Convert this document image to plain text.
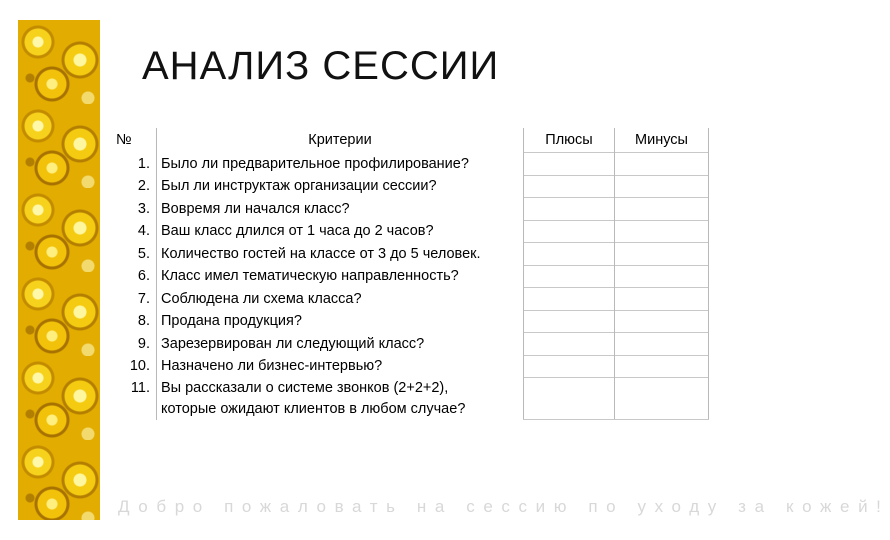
АНАЛИЗ СЕССИИ
№	Критерии	Плюсы	Минусы
1.	Было ли предварительное профилирование?		
2.	Был ли инструктаж организации сессии?		
3.	Вовремя ли начался класс?		
4.	Ваш класс длился от 1 часа до 2 часов?		
5.	Количество гостей на классе от 3 до 5 человек.		
6.	Класс имел тематическую направленность?		
7.	Соблюдена ли схема класса?		
8.	Продана продукция?		
9.	Зарезервирован ли следующий класс?		
10.	Назначено ли бизнес-интервью?		
11.	Вы рассказали о системе звонков (2+2+2),
которые ожидают клиентов в любом случае?		
Добро пожаловать на сессию по уходу за кожей!
